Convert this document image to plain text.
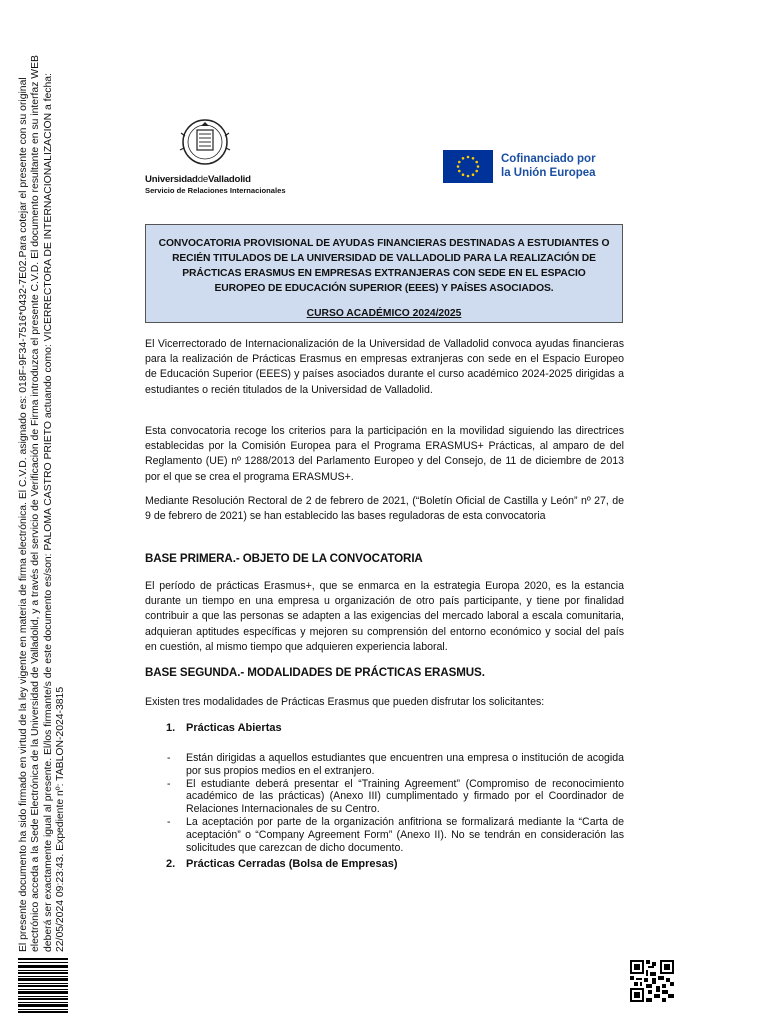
El presente documento ha sido firmado en virtud de la ley vigente en materia de firma electrónica. El C.V.D. asignado es: 018F-9F34-7516*0432-7E02.Para cotejar el presente con su original electrónico acceda a la Sede Electrónica de la Universidad de Valladolid, y a través del servicio de Verificación de Firma introduzca el presente C.V.D. El documento resultante en su interfaz WEB deberá ser exactamente igual al presente. El/los firmante/s de este documento es/son: PALOMA CASTRO PRIETO actuando como: VICERRECTORA DE INTERNACIONALIZACIÓN a fecha: 22/05/2024 09:23:43. Expediente nº: TABLON-2024-3815
UniversidaddeValladolid
Servicio de Relaciones Internacionales
Cofinanciado por
la Unión Europea
CONVOCATORIA PROVISIONAL DE AYUDAS FINANCIERAS DESTINADAS A ESTUDIANTES O
RECIÉN TITULADOS DE LA UNIVERSIDAD DE VALLADOLID PARA LA REALIZACIÓN DE
PRÁCTICAS ERASMUS EN EMPRESAS EXTRANJERAS CON SEDE EN EL ESPACIO
EUROPEO DE EDUCACIÓN SUPERIOR (EEES) Y PAÍSES ASOCIADOS.
CURSO ACADÉMICO 2024/2025
El Vicerrectorado de Internacionalización de la Universidad de Valladolid convoca ayudas financieras para la realización de Prácticas Erasmus en empresas extranjeras con sede en el Espacio Europeo de Educación Superior (EEES) y países asociados durante el curso académico 2024-2025 dirigidas a estudiantes o recién titulados de la Universidad de Valladolid.
Esta convocatoria recoge los criterios para la participación en la movilidad siguiendo las directrices establecidas por la Comisión Europea para el Programa ERASMUS+ Prácticas, al amparo de del Reglamento (UE) nº 1288/2013 del Parlamento Europeo y del Consejo, de 11 de diciembre de 2013 por el que se crea el programa ERASMUS+.
Mediante Resolución Rectoral de 2 de febrero de 2021, (“Boletín Oficial de Castilla y León” nº 27, de 9 de febrero de 2021) se han establecido las bases reguladoras de esta convocatoria
BASE PRIMERA.- OBJETO DE LA CONVOCATORIA
El período de prácticas Erasmus+, que se enmarca en la estrategia Europa 2020, es la estancia durante un tiempo en una empresa u organización de otro país participante, y tiene por finalidad contribuir a que las personas se adapten a las exigencias del mercado laboral a escala comunitaria, adquieran aptitudes específicas y mejoren su comprensión del entorno económico y social del país en cuestión, al mismo tiempo que adquieren experiencia laboral.
BASE SEGUNDA.- MODALIDADES DE PRÁCTICAS ERASMUS.
Existen tres modalidades de Prácticas Erasmus que pueden disfrutar los solicitantes:
1. Prácticas Abiertas
- Están dirigidas a aquellos estudiantes que encuentren una empresa o institución de acogida por sus propios medios en el extranjero.
- El estudiante deberá presentar el “Training Agreement” (Compromiso de reconocimiento académico de las prácticas) (Anexo III) cumplimentado y firmado por el Coordinador de Relaciones Internacionales de su Centro.
- La aceptación por parte de la organización anfitriona se formalizará mediante la “Carta de aceptación” o “Company Agreement Form” (Anexo II). No se tendrán en consideración las solicitudes que carezcan de dicho documento.
2. Prácticas Cerradas (Bolsa de Empresas)
